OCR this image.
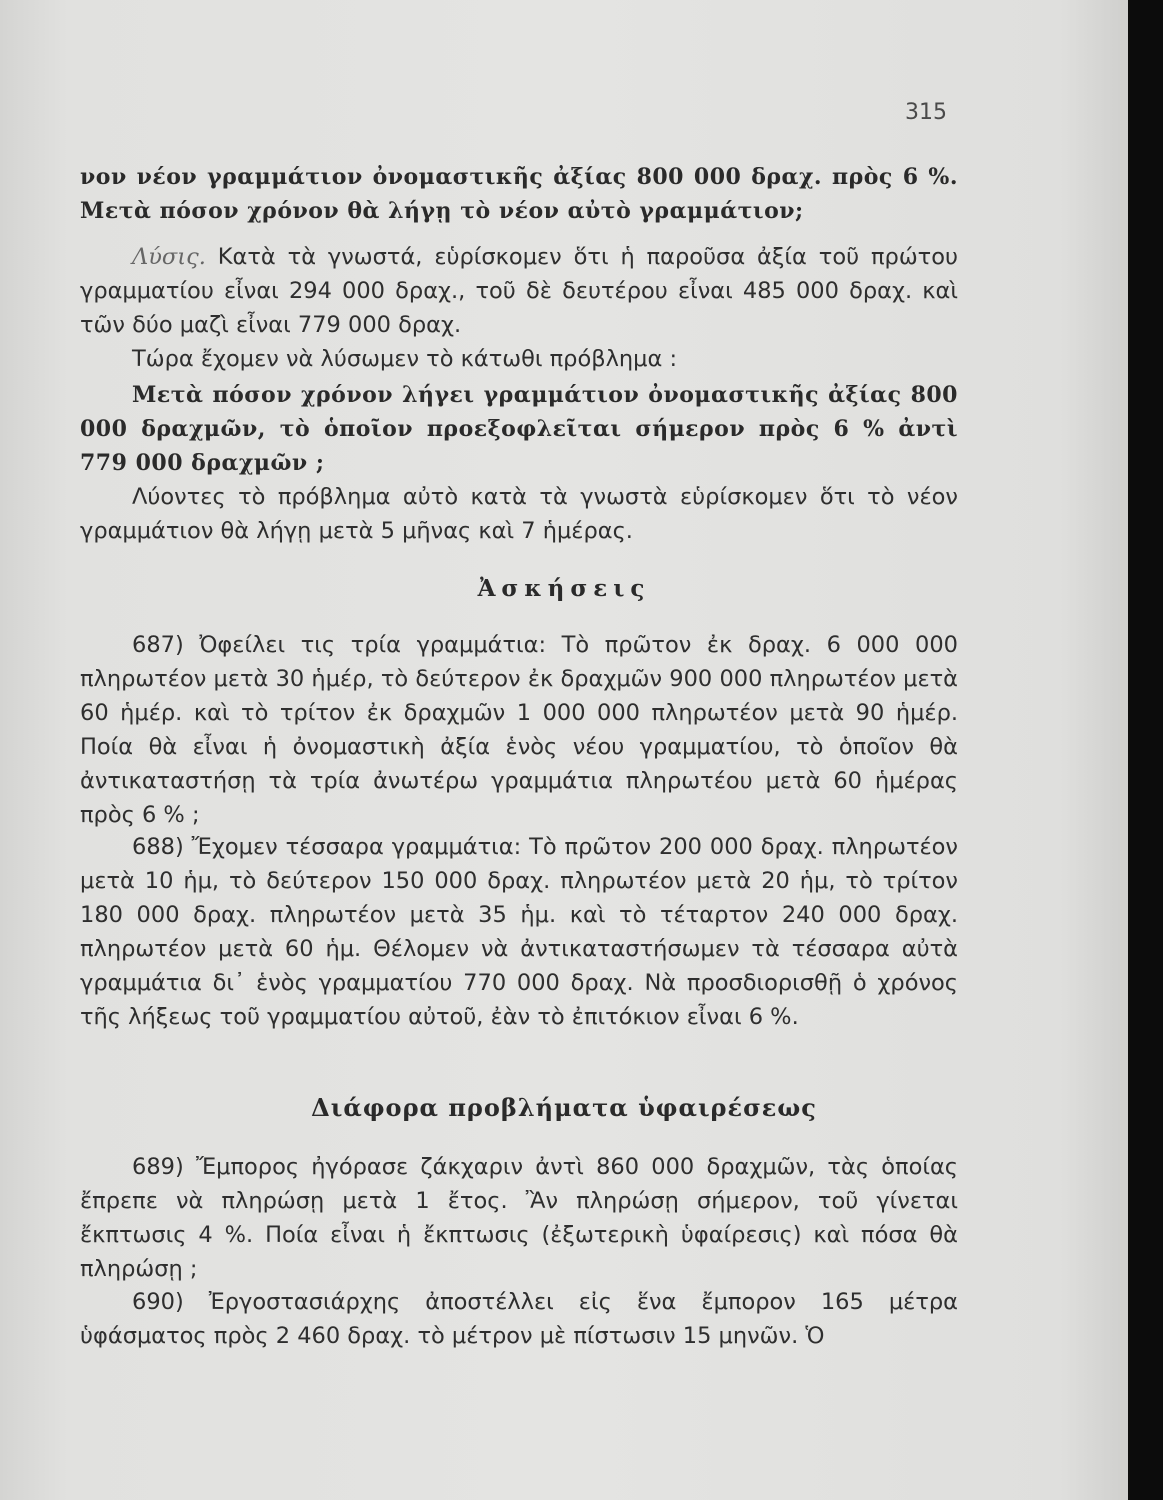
315

νον νέον γραμμάτιον ὀνομαστικῆς ἀξίας 800 000 δραχ. πρὸς 6 %. Μετὰ πόσον χρόνον θὰ λήγῃ τὸ νέον αὐτὸ γραμμάτιον;

Λύσις. Κατὰ τὰ γνωστά, εὑρίσκομεν ὅτι ἡ παροῦσα ἀξία τοῦ πρώτου γραμματίου εἶναι 294 000 δραχ., τοῦ δὲ δευτέρου εἶναι 485 000 δραχ. καὶ τῶν δύο μαζὶ εἶναι 779 000 δραχ.

Τώρα ἔχομεν νὰ λύσωμεν τὸ κάτωθι πρόβλημα :

Μετὰ πόσον χρόνον λήγει γραμμάτιον ὀνομαστικῆς ἀξίας 800 000 δραχμῶν, τὸ ὁποῖον προεξοφλεῖται σήμερον πρὸς 6 % ἀντὶ 779 000 δραχμῶν ;

Λύοντες τὸ πρόβλημα αὐτὸ κατὰ τὰ γνωστὰ εὑρίσκομεν ὅτι τὸ νέον γραμμάτιον θὰ λήγῃ μετὰ 5 μῆνας καὶ 7 ἡμέρας.

Ἀσκήσεις

687) Ὀφείλει τις τρία γραμμάτια: Τὸ πρῶτον ἐκ δραχ. 6 000 000 πληρωτέον μετὰ 30 ἡμέρ, τὸ δεύτερον ἐκ δραχμῶν 900 000 πληρωτέον μετὰ 60 ἡμέρ. καὶ τὸ τρίτον ἐκ δραχμῶν 1 000 000 πληρωτέον μετὰ 90 ἡμέρ. Ποία θὰ εἶναι ἡ ὀνομαστικὴ ἀξία ἑνὸς νέου γραμματίου, τὸ ὁποῖον θὰ ἀντικαταστήσῃ τὰ τρία ἀνωτέρω γραμμάτια πληρωτέου μετὰ 60 ἡμέρας πρὸς 6 % ;

688) Ἔχομεν τέσσαρα γραμμάτια: Τὸ πρῶτον 200 000 δραχ. πληρωτέον μετὰ 10 ἡμ, τὸ δεύτερον 150 000 δραχ. πληρωτέον μετὰ 20 ἡμ, τὸ τρίτον 180 000 δραχ. πληρωτέον μετὰ 35 ἡμ. καὶ τὸ τέταρτον 240 000 δραχ. πληρωτέον μετὰ 60 ἡμ. Θέλομεν νὰ ἀντικαταστήσωμεν τὰ τέσσαρα αὐτὰ γραμμάτια δι᾽ ἑνὸς γραμματίου 770 000 δραχ. Νὰ προσδιορισθῇ ὁ χρόνος τῆς λήξεως τοῦ γραμματίου αὐτοῦ, ἐὰν τὸ ἐπιτόκιον εἶναι 6 %.

Διάφορα προβλήματα ὑφαιρέσεως

689) Ἔμπορος ἠγόρασε ζάκχαριν ἀντὶ 860 000 δραχμῶν, τὰς ὁποίας ἔπρεπε νὰ πληρώσῃ μετὰ 1 ἔτος. Ἂν πληρώσῃ σήμερον, τοῦ γίνεται ἔκπτωσις 4 %. Ποία εἶναι ἡ ἔκπτωσις (ἐξωτερικὴ ὑφαίρεσις) καὶ πόσα θὰ πληρώσῃ ;

690) Ἐργοστασιάρχης ἀποστέλλει εἰς ἕνα ἔμπορον 165 μέτρα ὑφάσματος πρὸς 2 460 δραχ. τὸ μέτρον μὲ πίστωσιν 15 μηνῶν. Ὁ
